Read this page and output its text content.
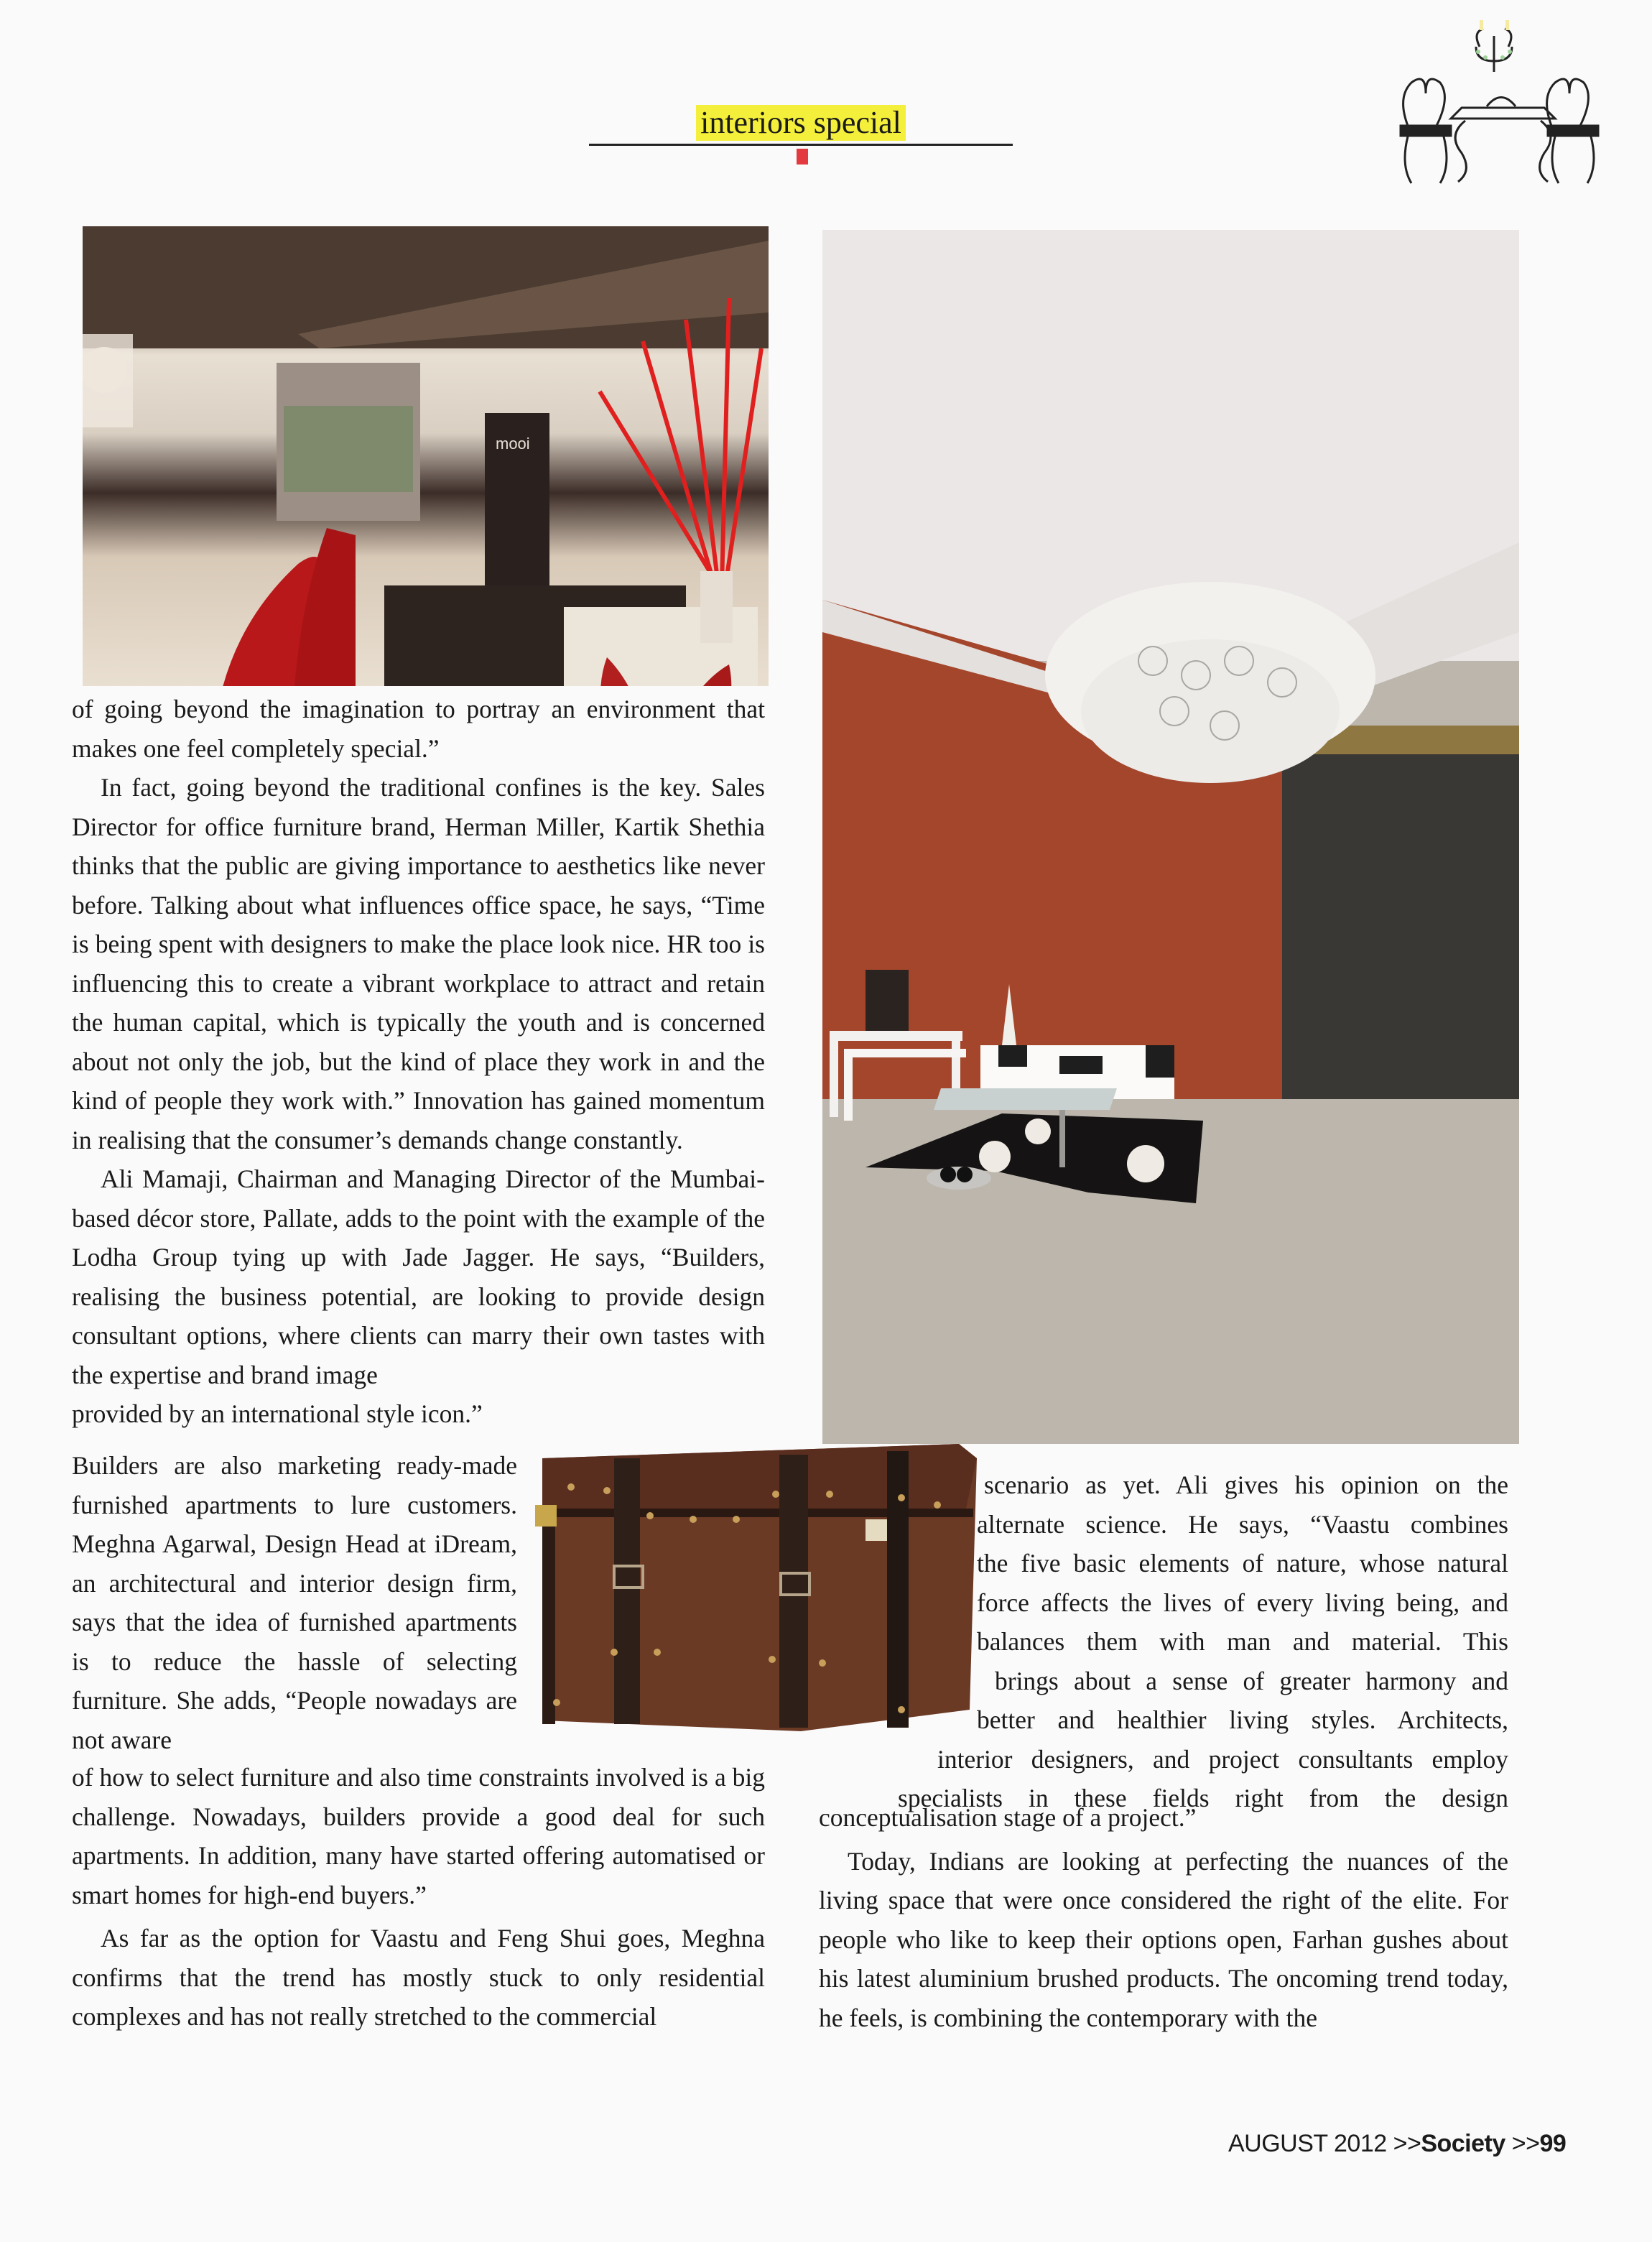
interiors special
mooi

of going beyond the imagination to portray an environment that makes one feel completely special.”

In fact, going beyond the traditional confines is the key. Sales Director for office furniture brand, Herman Miller, Kartik Shethia thinks that the public are giving importance to aesthetics like never before. Talking about what influences office space, he says, “Time is being spent with designers to make the place look nice. HR too is influencing this to create a vibrant workplace to attract and retain the human capital, which is typically the youth and is concerned about not only the job, but the kind of place they work in and the kind of people they work with.” Innovation has gained momentum in realising that the consumer’s demands change constantly.

Ali Mamaji, Chairman and Managing Director of the Mumbai-based décor store, Pallate, adds to the point with the example of the Lodha Group tying up with Jade Jagger. He says, “Builders, realising the business potential, are looking to provide design consultant options, where clients can marry their own tastes with the expertise and brand image

provided by an international style icon.”

Builders are also marketing ready-made furnished apartments to lure customers. Meghna Agarwal, Design Head at iDream, an architectural and interior design firm, says that the idea of furnished apartments is to reduce the hassle of selecting furniture. She adds, “People nowadays are not aware

of how to select furniture and also time constraints involved is a big challenge. Nowadays, builders provide a good deal for such apartments. In addition, many have started offering automatised or smart homes for high-end buyers.”

As far as the option for Vaastu and Feng Shui goes, Meghna confirms that the trend has mostly stuck to only residential complexes and has not really stretched to the commercial

scenario as yet. Ali gives his opinion on the
alternate science. He says, “Vaastu combines
the five basic elements of nature, whose natural
force affects the lives of every living being, and
balances them with man and material. This
brings about a sense of greater harmony and
better and healthier living styles. Architects,
interior designers, and project consultants employ
specialists in these fields right from the design

conceptualisation stage of a project.”

Today, Indians are looking at perfecting the nuances of the living space that were once considered the right of the elite. For people who like to keep their options open, Farhan gushes about his latest aluminium brushed products. The oncoming trend today, he feels, is combining the contemporary with the

AUGUST 2012 >>Society >>99
